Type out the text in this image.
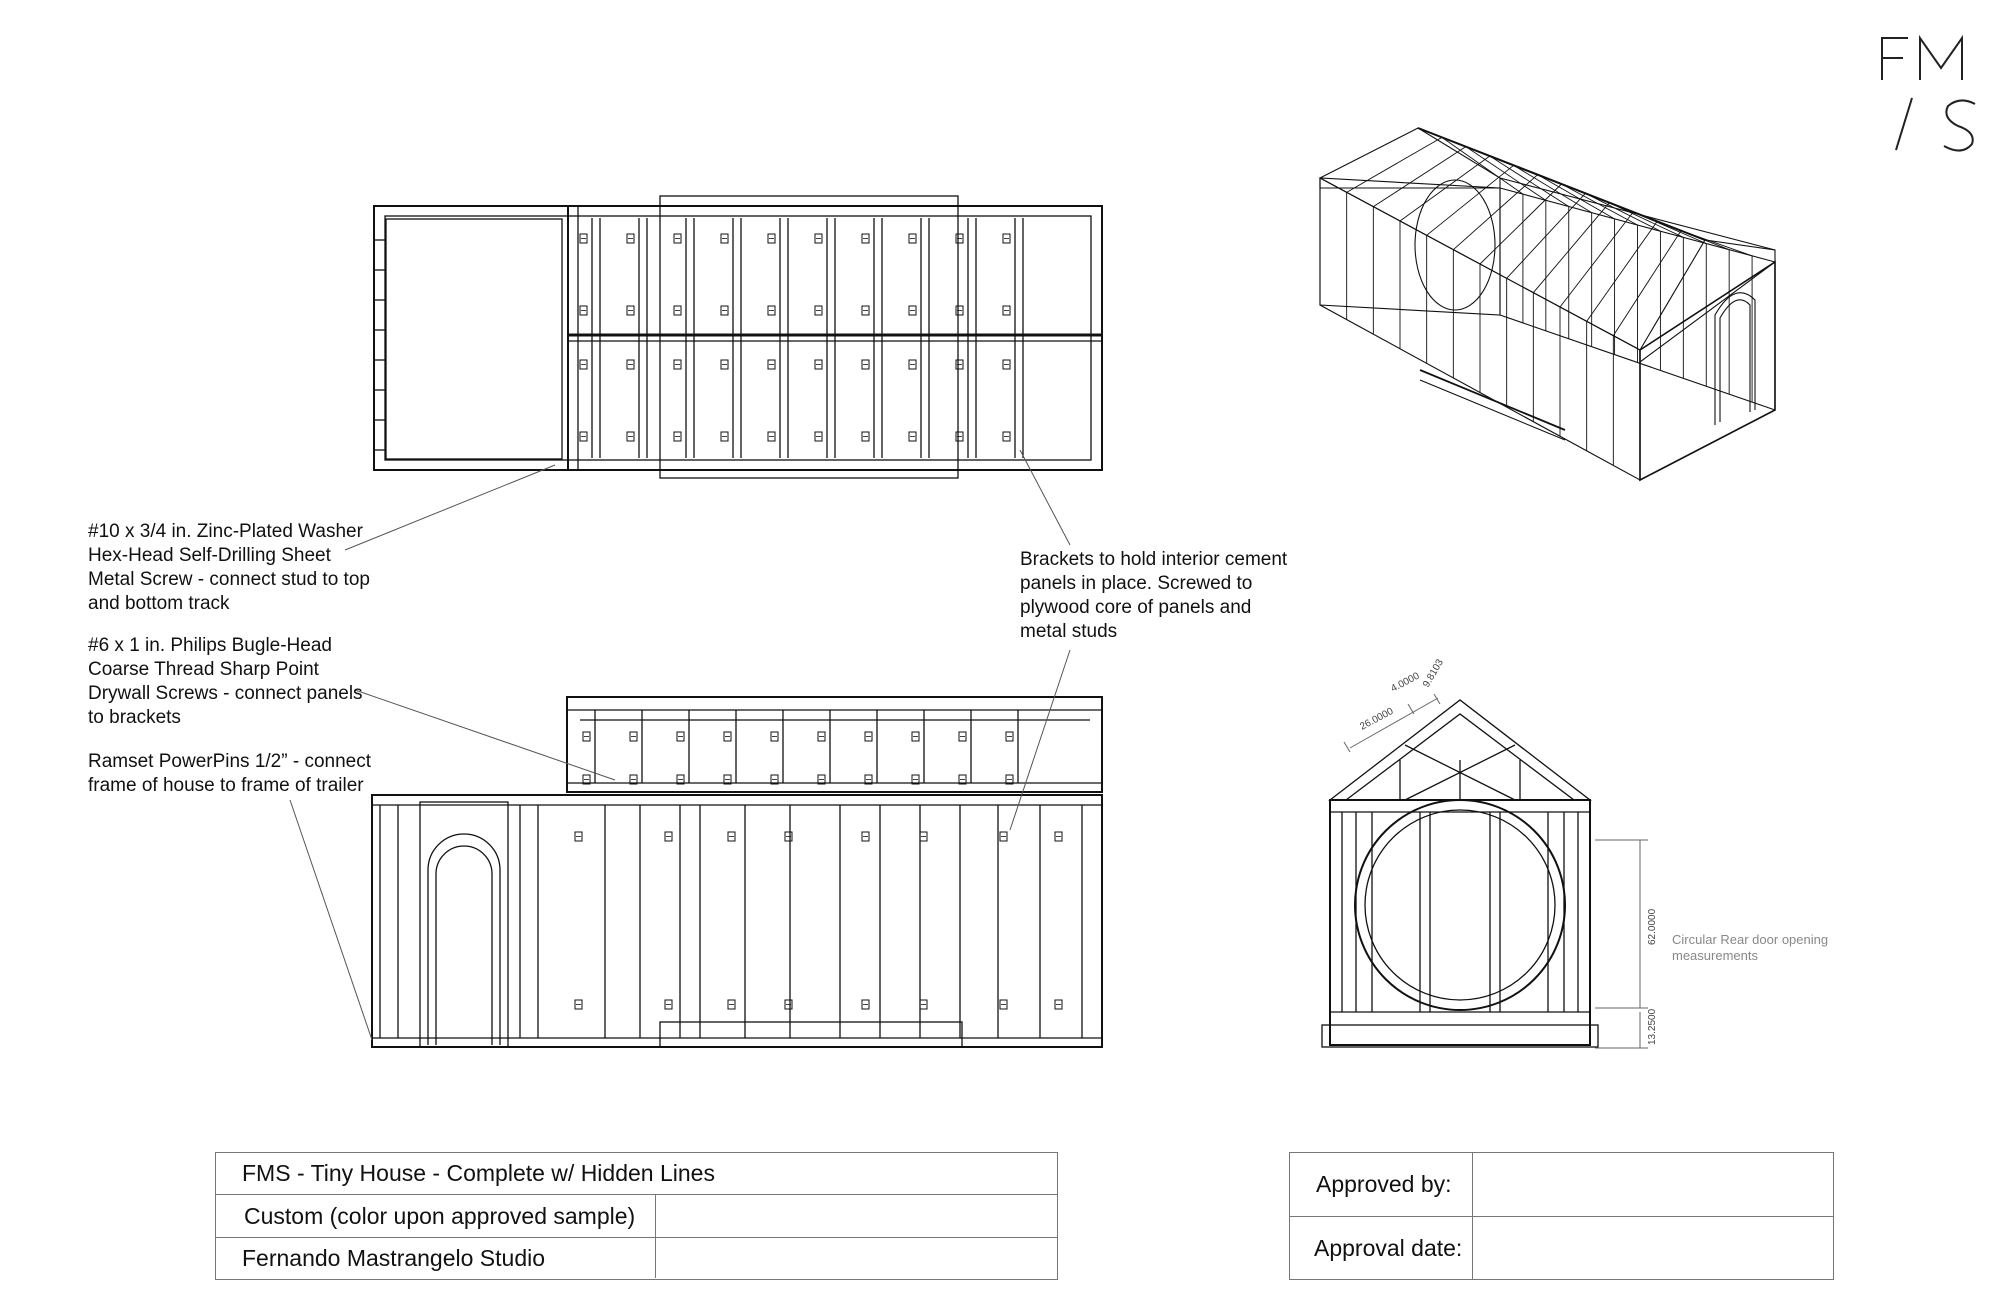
4.0000 9.8103
26.0000
62.0000
13.2500
#10 x 3/4 in. Zinc-Plated Washer
Hex-Head Self-Drilling Sheet
Metal Screw - connect stud to top
and bottom track
#6 x 1 in. Philips Bugle-Head
Coarse Thread Sharp Point
Drywall Screws - connect panels
to brackets
Ramset PowerPins 1/2” - connect
frame of house to frame of trailer
Brackets to hold interior cement
panels in place. Screwed to
plywood core of panels and
metal studs
Circular Rear door opening
measurements
FMS - Tiny House - Complete w/ Hidden Lines
Custom (color upon approved sample)
Fernando Mastrangelo Studio
Approved by:
Approval date:
